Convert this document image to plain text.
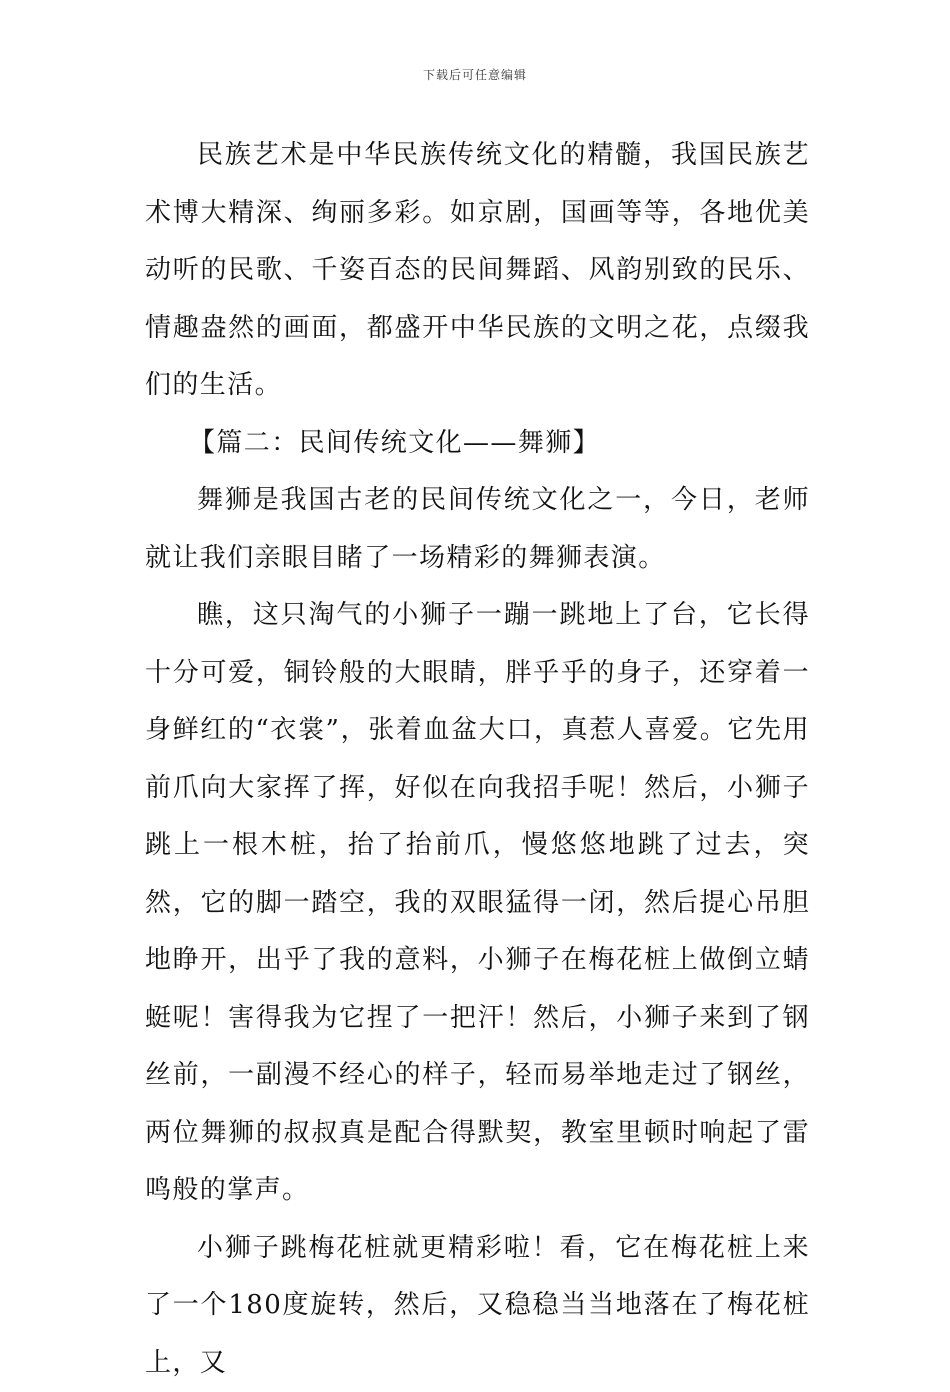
下载后可任意编辑

民族艺术是中华民族传统文化的精髓，我国民族艺术博大精深、绚丽多彩。如京剧，国画等等，各地优美动听的民歌、千姿百态的民间舞蹈、风韵别致的民乐、情趣盎然的画面，都盛开中华民族的文明之花，点缀我们的生活。

【篇二：民间传统文化——舞狮】

舞狮是我国古老的民间传统文化之一，今日，老师就让我们亲眼目睹了一场精彩的舞狮表演。

瞧，这只淘气的小狮子一蹦一跳地上了台，它长得十分可爱，铜铃般的大眼睛，胖乎乎的身子，还穿着一身鲜红的“衣裳”，张着血盆大口，真惹人喜爱。它先用前爪向大家挥了挥，好似在向我招手呢！然后，小狮子跳上一根木桩，抬了抬前爪，慢悠悠地跳了过去，突然，它的脚一踏空，我的双眼猛得一闭，然后提心吊胆地睁开，出乎了我的意料，小狮子在梅花桩上做倒立蜻蜓呢！害得我为它捏了一把汗！然后，小狮子来到了钢丝前，一副漫不经心的样子，轻而易举地走过了钢丝，两位舞狮的叔叔真是配合得默契，教室里顿时响起了雷鸣般的掌声。

小狮子跳梅花桩就更精彩啦！看，它在梅花桩上来了一个180度旋转，然后，又稳稳当当地落在了梅花桩上，又
